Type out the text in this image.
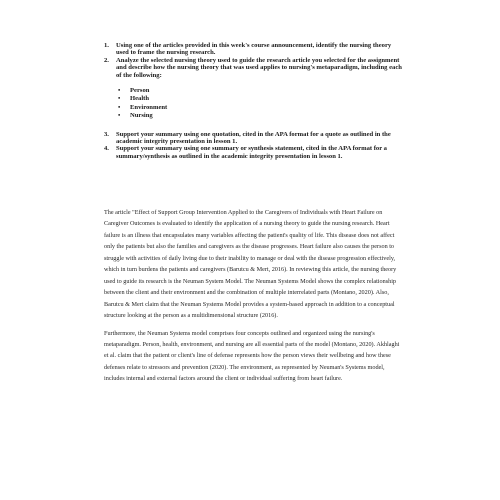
1.	Using one of the articles provided in this week's course announcement, identify the nursing theory used to frame the nursing research.
2.	Analyze the selected nursing theory used to guide the research article you selected for the assignment and describe how the nursing theory that was used applies to nursing's metaparadigm, including each of the following:
•	Person
•	Health
•	Environment
•	Nursing
3.	Support your summary using one quotation, cited in the APA format for a quote as outlined in the academic integrity presentation in lesson 1.
4.	Support your summary using one summary or synthesis statement, cited in the APA format for a summary/synthesis as outlined in the academic integrity presentation in lesson 1.

The article "Effect of Support Group Intervention Applied to the Caregivers of Individuals with Heart Failure on Caregiver Outcomes is evaluated to identify the application of a nursing theory to guide the nursing research. Heart failure is an illness that encapsulates many variables affecting the patient's quality of life. This disease does not affect only the patients but also the families and caregivers as the disease progresses. Heart failure also causes the person to struggle with activities of daily living due to their inability to manage or deal with the disease progression effectively, which in turn burdens the patients and caregivers (Barutcu & Mert, 2016). In reviewing this article, the nursing theory used to guide its research is the Neuman System Model. The Neuman Systems Model shows the complex relationship between the client and their environment and the combination of multiple interrelated parts (Montano, 2020). Also, Barutcu & Mert claim that the Neuman Systems Model provides a system-based approach in addition to a conceptual structure looking at the person as a multidimensional structure (2016).

Furthermore, the Neuman Systems model comprises four concepts outlined and organized using the nursing's metaparadigm. Person, health, environment, and nursing are all essential parts of the model (Montano, 2020). Akhlaghi et al. claim that the patient or client's line of defense represents how the person views their wellbeing and how these defenses relate to stressors and prevention (2020). The environment, as represented by Neuman's Systems model, includes internal and external factors around the client or individual suffering from heart failure.
